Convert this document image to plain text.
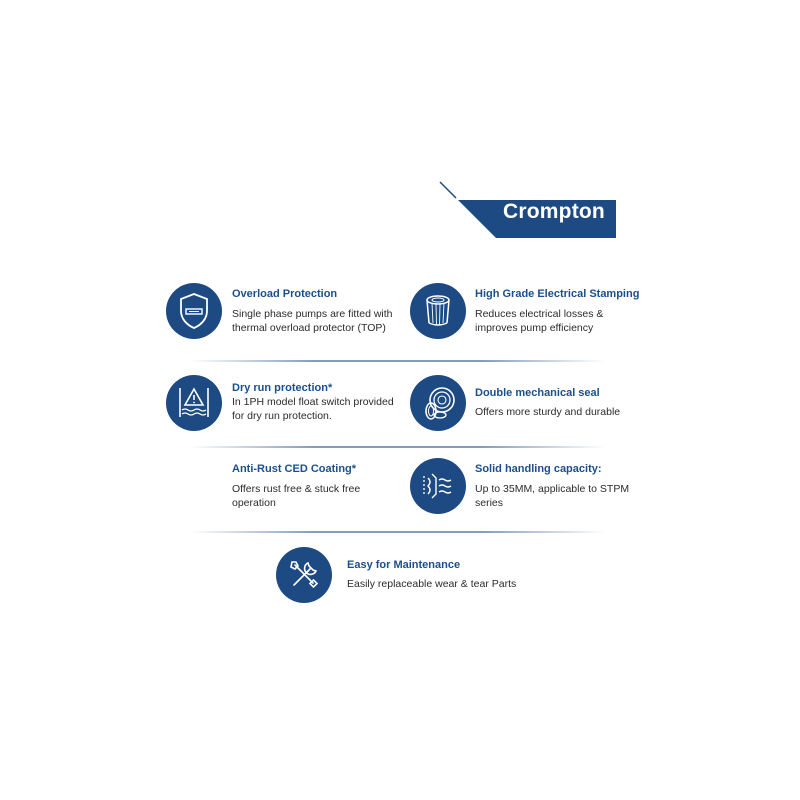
Crompton
Overload Protection
Single phase pumps are fitted with
thermal overload protector (TOP)
High Grade Electrical Stamping
Reduces electrical losses &
improves pump efficiency
Dry run protection*
In 1PH model float switch provided
for dry run protection.
Double mechanical seal
Offers more sturdy and durable
Anti-Rust CED Coating*
Offers rust free & stuck free
operation
Solid handling capacity:
Up to 35MM, applicable to STPM
series
Easy for Maintenance
Easily replaceable wear & tear Parts
